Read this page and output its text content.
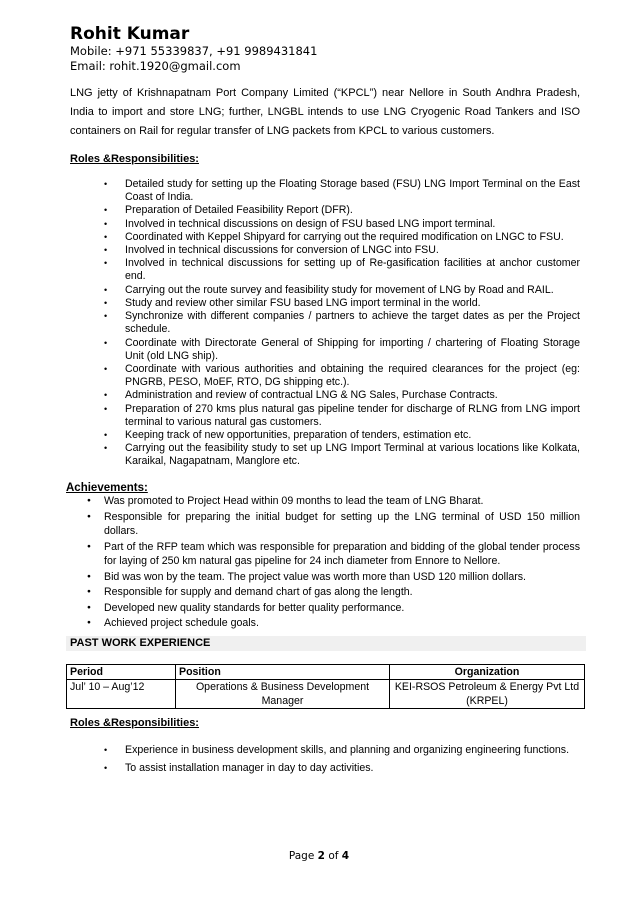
Rohit Kumar
Mobile: +971 55339837, +91 9989431841
Email: rohit.1920@gmail.com
LNG jetty of Krishnapatnam Port Company Limited (“KPCL”) near Nellore in South Andhra Pradesh, India to import and store LNG; further, LNGBL intends to use LNG Cryogenic Road Tankers and ISO containers on Rail for regular transfer of LNG packets from KPCL to various customers.
Roles &Responsibilities:
• Detailed study for setting up the Floating Storage based (FSU) LNG Import Terminal on the East Coast of India.
• Preparation of Detailed Feasibility Report (DFR).
• Involved in technical discussions on design of FSU based LNG import terminal.
• Coordinated with Keppel Shipyard for carrying out the required modification on LNGC to FSU.
• Involved in technical discussions for conversion of LNGC into FSU.
• Involved in technical discussions for setting up of Re-gasification facilities at anchor customer end.
• Carrying out the route survey and feasibility study for movement of LNG by Road and RAIL.
• Study and review other similar FSU based LNG import terminal in the world.
• Synchronize with different companies / partners to achieve the target dates as per the Project schedule.
• Coordinate with Directorate General of Shipping for importing / chartering of Floating Storage Unit (old LNG ship).
• Coordinate with various authorities and obtaining the required clearances for the project (eg: PNGRB, PESO, MoEF, RTO, DG shipping etc.).
• Administration and review of contractual LNG & NG Sales, Purchase Contracts.
• Preparation of 270 kms plus natural gas pipeline tender for discharge of RLNG from LNG import terminal to various natural gas customers.
• Keeping track of new opportunities, preparation of tenders, estimation etc.
• Carrying out the feasibility study to set up LNG Import Terminal at various locations like Kolkata, Karaikal, Nagapatnam, Manglore etc.
Achievements:
● Was promoted to Project Head within 09 months to lead the team of LNG Bharat.
● Responsible for preparing the initial budget for setting up the LNG terminal of USD 150 million dollars.
● Part of the RFP team which was responsible for preparation and bidding of the global tender process for laying of 250 km natural gas pipeline for 24 inch diameter from Ennore to Nellore.
● Bid was won by the team. The project value was worth more than USD 120 million dollars.
● Responsible for supply and demand chart of gas along the length.
● Developed new quality standards for better quality performance.
● Achieved project schedule goals.
PAST WORK EXPERIENCE
Period	Position	Organization
Jul’ 10 – Aug’12	Operations & Business Development Manager	KEI-RSOS Petroleum & Energy Pvt Ltd (KRPEL)
Roles &Responsibilities:
• Experience in business development skills, and planning and organizing engineering functions.
• To assist installation manager in day to day activities.
Page 2 of 4
